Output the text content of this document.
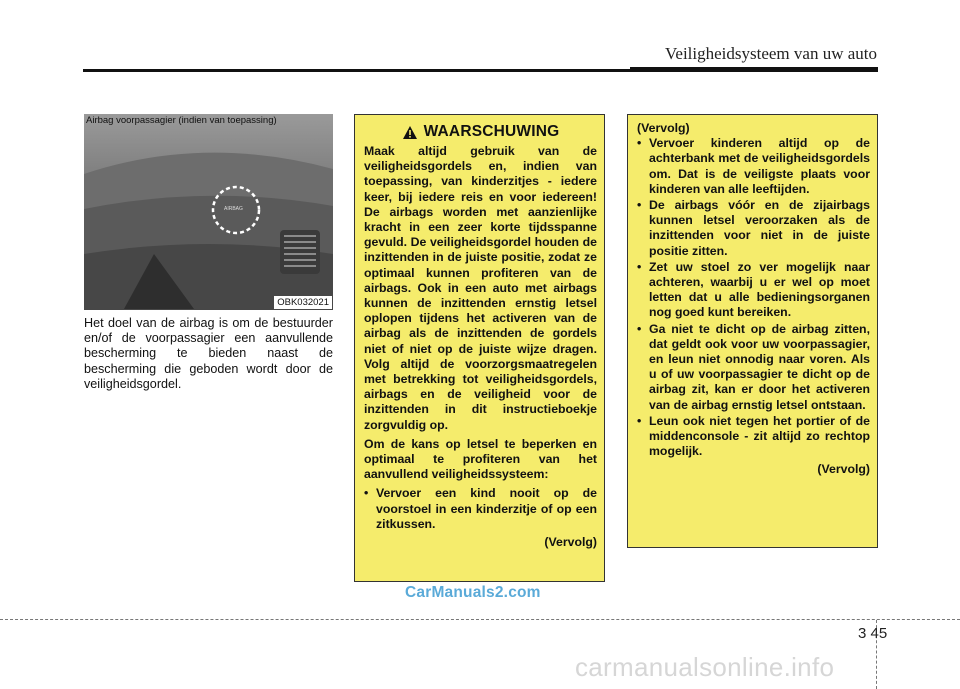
Veiligheidsysteem van uw auto
Airbag voorpassagier (indien van toepassing)
AIRBAG
OBK032021
Het doel van de airbag is om de bestuurder en/of de voorpassagier een aanvullende bescherming te bieden naast de bescherming die geboden wordt door de veiligheidsgordel.
WAARSCHUWING

Maak altijd gebruik van de veiligheidsgordels en, indien van toepassing, van kinderzitjes - iedere keer, bij iedere reis en voor iedereen! De airbags worden met aanzienlijke kracht in een zeer korte tijdsspanne gevuld. De veiligheidsgordel houden de inzittenden in de juiste positie, zodat ze optimaal kunnen profiteren van de airbags. Ook in een auto met airbags kunnen de inzittenden ernstig letsel oplopen tijdens het activeren van de airbag als de inzittenden de gordels niet of niet op de juiste wijze dragen. Volg altijd de voorzorgsmaatregelen met betrekking tot veiligheidsgordels, airbags en de veiligheid voor de inzittenden in dit instructieboekje zorgvuldig op.

Om de kans op letsel te beperken en optimaal te profiteren van het aanvullend veiligheidssysteem:

• Vervoer een kind nooit op de voorstoel in een kinderzitje of op een zitkussen.
(Vervolg)
(Vervolg)
• Vervoer kinderen altijd op de achterbank met de veiligheidsgordels om. Dat is de veiligste plaats voor kinderen van alle leeftijden.
• De airbags vóór en de zijairbags kunnen letsel veroorzaken als de inzittenden voor niet in de juiste positie zitten.
• Zet uw stoel zo ver mogelijk naar achteren, waarbij u er wel op moet letten dat u alle bedieningsorganen nog goed kunt bereiken.
• Ga niet te dicht op de airbag zitten, dat geldt ook voor uw voorpassagier, en leun niet onnodig naar voren. Als u of uw voorpassagier te dicht op de airbag zit, kan er door het activeren van de airbag ernstig letsel ontstaan.
• Leun ook niet tegen het portier of de middenconsole - zit altijd zo rechtop mogelijk.
(Vervolg)
CarManuals2.com
3 45
carmanualsonline.info
